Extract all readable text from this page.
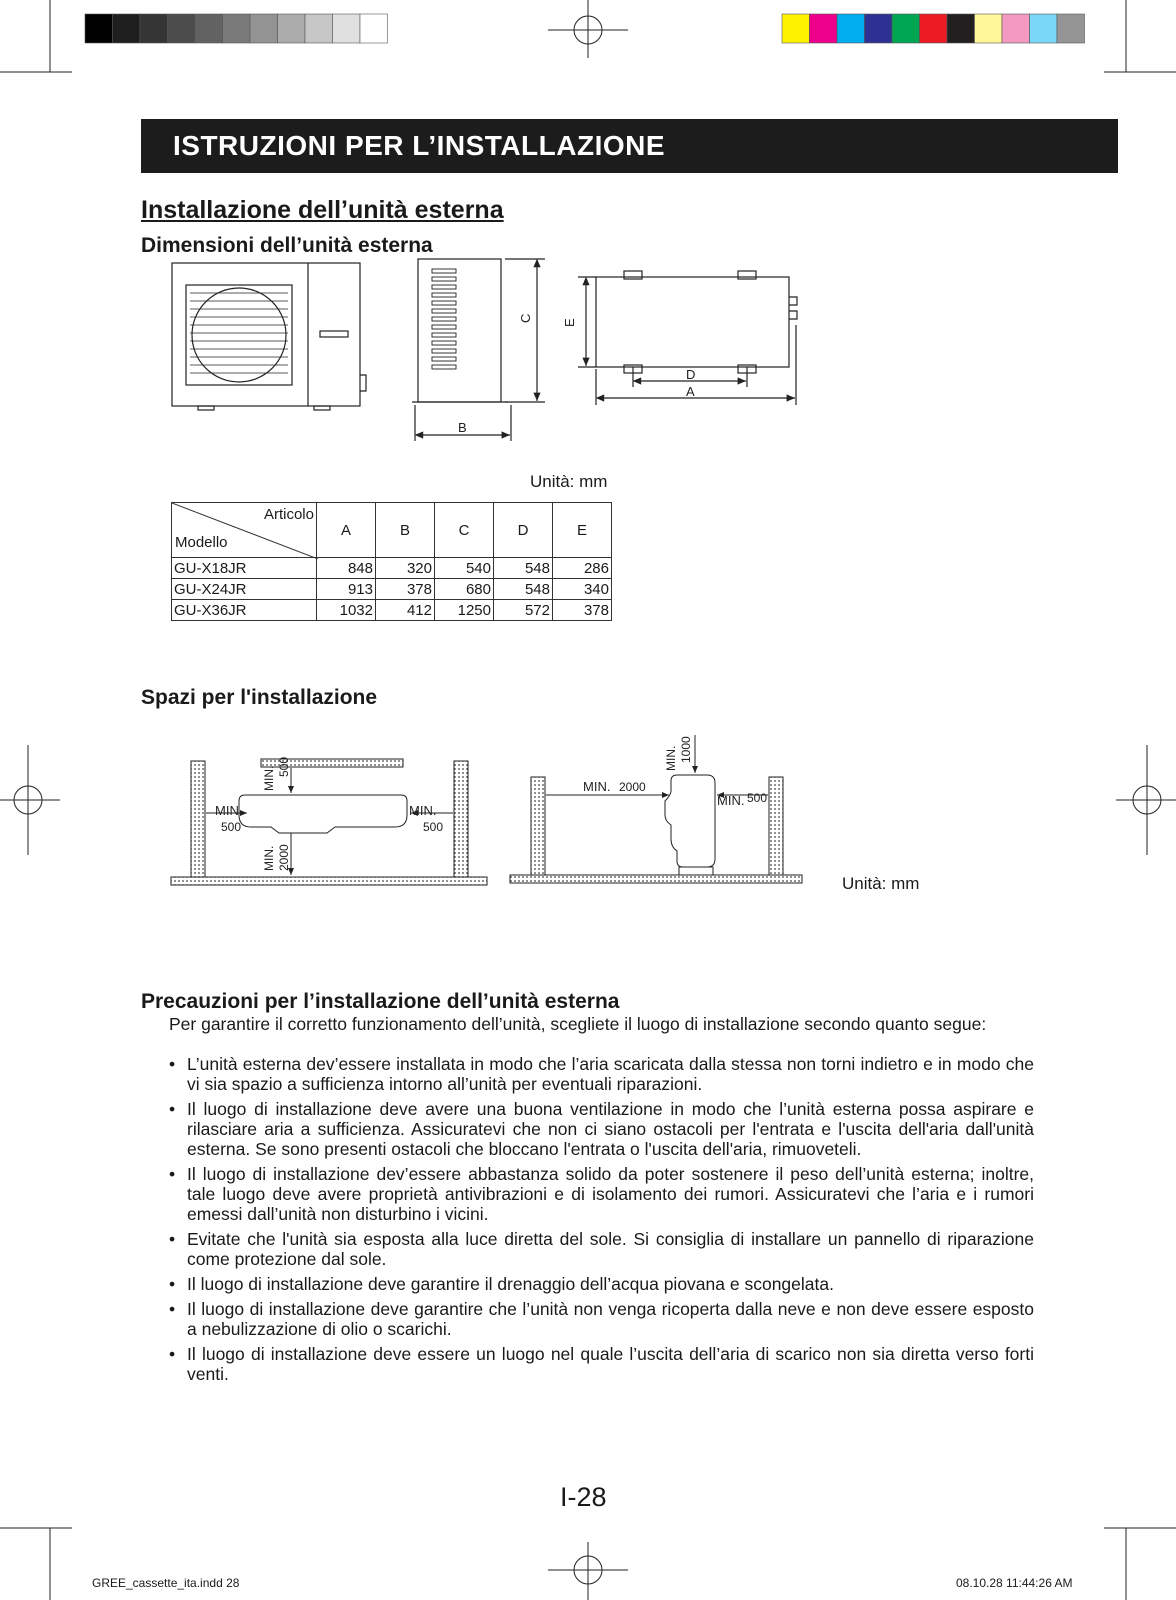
ISTRUZIONI PER L’INSTALLAZIONE
Installazione dell’unità esterna
Dimensioni dell’unità esterna
B
C E
D
A
Unità: mm
Articolo
Modello	A	B	C	D	E
GU-X18JR	848	320	540	548	286
GU-X24JR	913	378	680	548	340
GU-X36JR	1032	412	1250	572	378
Spazi per l'installazione
MIN.
500
MIN.
500
MIN. 500
MIN. 2000
MIN. 2000
MIN. 1000
MIN. 500
Unità: mm
Precauzioni per l’installazione dell’unità esterna
Per garantire il corretto funzionamento dell’unità, scegliete il luogo di installazione secondo quanto segue:
• L’unità esterna dev’essere installata in modo che l’aria scaricata dalla stessa non torni indietro e in modo che vi sia spazio a sufficienza intorno all’unità per eventuali riparazioni.
• Il luogo di installazione deve avere una buona ventilazione in modo che l’unità esterna possa aspirare e rilasciare aria a sufficienza. Assicuratevi che non ci siano ostacoli per l'entrata e l'uscita dell'aria dall'unità esterna. Se sono presenti ostacoli che bloccano l'entrata o l'uscita dell'aria, rimuoveteli.
• Il luogo di installazione dev’essere abbastanza solido da poter sostenere il peso dell’unità esterna; inoltre, tale luogo deve avere proprietà antivibrazioni e di isolamento dei rumori. Assicuratevi che l’aria e i rumori emessi dall’unità non disturbino i vicini.
• Evitate che l'unità sia esposta alla luce diretta del sole. Si consiglia di installare un pannello di riparazione come protezione dal sole.
• Il luogo di installazione deve garantire il drenaggio dell’acqua piovana e scongelata.
• Il luogo di installazione deve garantire che l’unità non venga ricoperta dalla neve e non deve essere esposto a nebulizzazione di olio o scarichi.
• Il luogo di installazione deve essere un luogo nel quale l’uscita dell’aria di scarico non sia diretta verso forti venti.
I-28
GREE_cassette_ita.indd 28	08.10.28 11:44:26 AM
